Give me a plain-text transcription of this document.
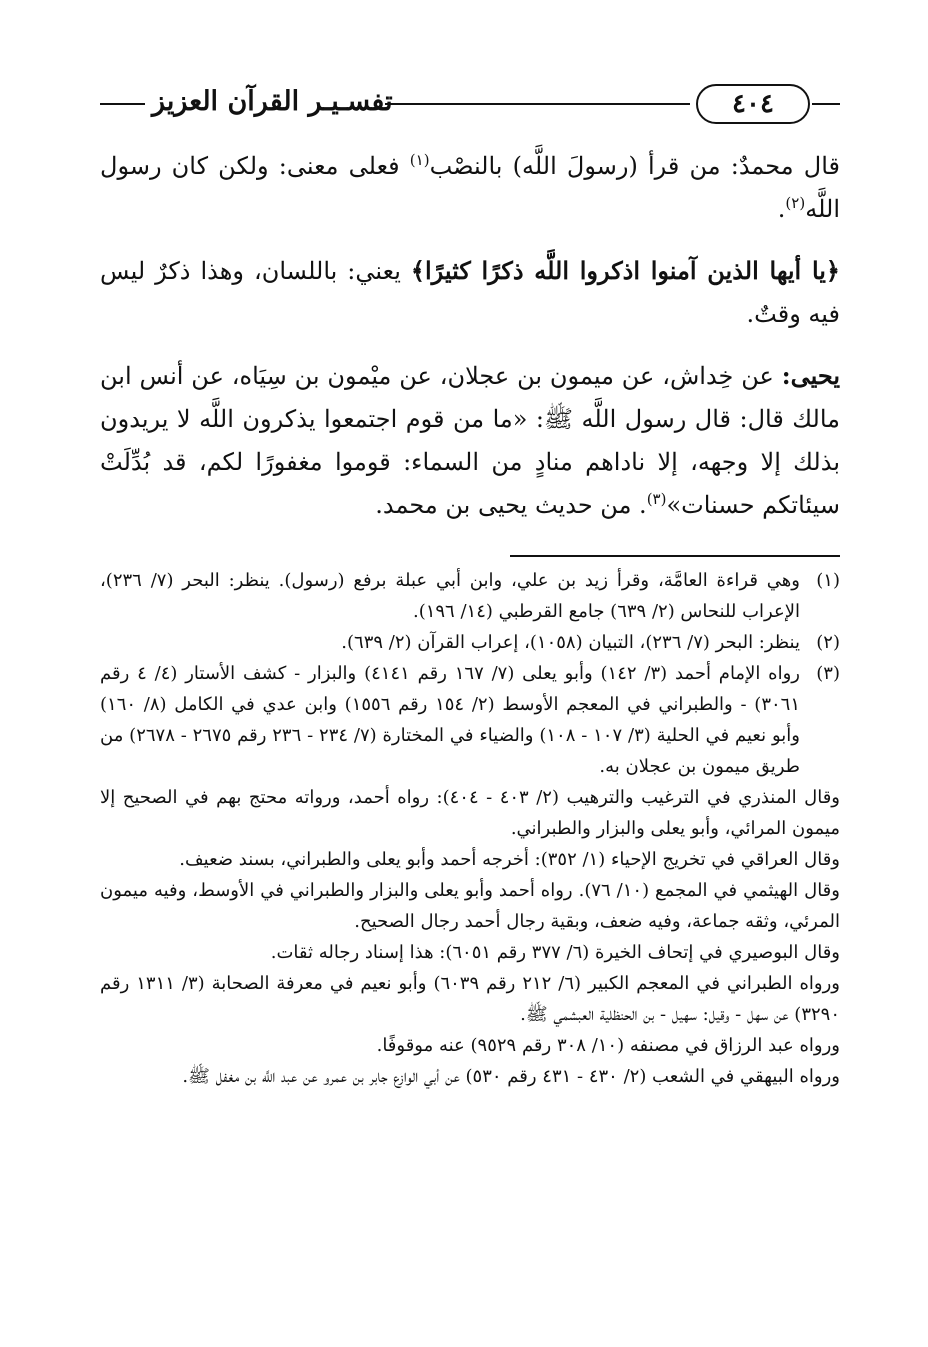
٤٠٤
تفسـيـر القرآن العزيز

قال محمدٌ: من قرأ (رسولَ اللَّه) بالنصْب$^{(١)}$ فعلى معنى: ولكن كان رسول اللَّه$^{(٢)}$.

﴿يا أيها الذين آمنوا اذكروا اللَّه ذكرًا كثيرًا﴾ يعني: باللسان، وهذا ذكرٌ ليس فيه وقتٌ.

يحيى: عن خِداش، عن ميمون بن عجلان، عن ميْمون بن سِيَاه، عن أنس ابن مالك قال: قال رسول اللَّه ﷺ: «ما من قوم اجتمعوا يذكرون اللَّه لا يريدون بذلك إلا وجهه، إلا ناداهم منادٍ من السماء: قوموا مغفورًا لكم، قد بُدِّلَتْ سيئاتكم حسنات»$^{(٣)}$. من حديث يحيى بن محمد.

(١)
وهي قراءة العامَّة، وقرأ زيد بن علي، وابن أبي عبلة برفع (رسول). ينظر: البحر (٧/ ٢٣٦)، الإعراب للنحاس (٢/ ٦٣٩) جامع القرطبي (١٤/ ١٩٦).
(٢)
ينظر: البحر (٧/ ٢٣٦)، التبيان (١٠٥٨)، إعراب القرآن (٢/ ٦٣٩).
(٣)
رواه الإمام أحمد (٣/ ١٤٢) وأبو يعلى (٧/ ١٦٧ رقم ٤١٤١) والبزار - كشف الأستار (٤/ ٤ رقم ٣٠٦١) - والطبراني في المعجم الأوسط (٢/ ١٥٤ رقم ١٥٥٦) وابن عدي في الكامل (٨/ ١٦٠) وأبو نعيم في الحلية (٣/ ١٠٧ - ١٠٨) والضياء في المختارة (٧/ ٢٣٤ - ٢٣٦ رقم ٢٦٧٥ - ٢٦٧٨) من طريق ميمون بن عجلان به.

وقال المنذري في الترغيب والترهيب (٢/ ٤٠٣ - ٤٠٤): رواه أحمد، ورواته محتج بهم في الصحيح إلا ميمون المرائي، وأبو يعلى والبزار والطبراني.

وقال العراقي في تخريج الإحياء (١/ ٣٥٢): أخرجه أحمد وأبو يعلى والطبراني، بسند ضعيف.

وقال الهيثمي في المجمع (١٠/ ٧٦). رواه أحمد وأبو يعلى والبزار والطبراني في الأوسط، وفيه ميمون المرئي، وثقه جماعة، وفيه ضعف، وبقية رجال أحمد رجال الصحيح.

وقال البوصيري في إتحاف الخيرة (٦/ ٣٧٧ رقم ٦٠٥١): هذا إسناد رجاله ثقات.

ورواه الطبراني في المعجم الكبير (٦/ ٢١٢ رقم ٦٠٣٩) وأبو نعيم في معرفة الصحابة (٣/ ١٣١١ رقم ٣٢٩٠) عن سهل - وقيل: سهيل - بن الحنظلية العبشمي ﷺ.

ورواه عبد الرزاق في مصنفه (١٠/ ٣٠٨ رقم ٩٥٢٩) عنه موقوفًا.

ورواه البيهقي في الشعب (٢/ ٤٣٠ - ٤٣١ رقم ٥٣٠) عن أبي الوازع جابر بن عمرو عن عبد اللَّه بن مغفل ﷺ.
